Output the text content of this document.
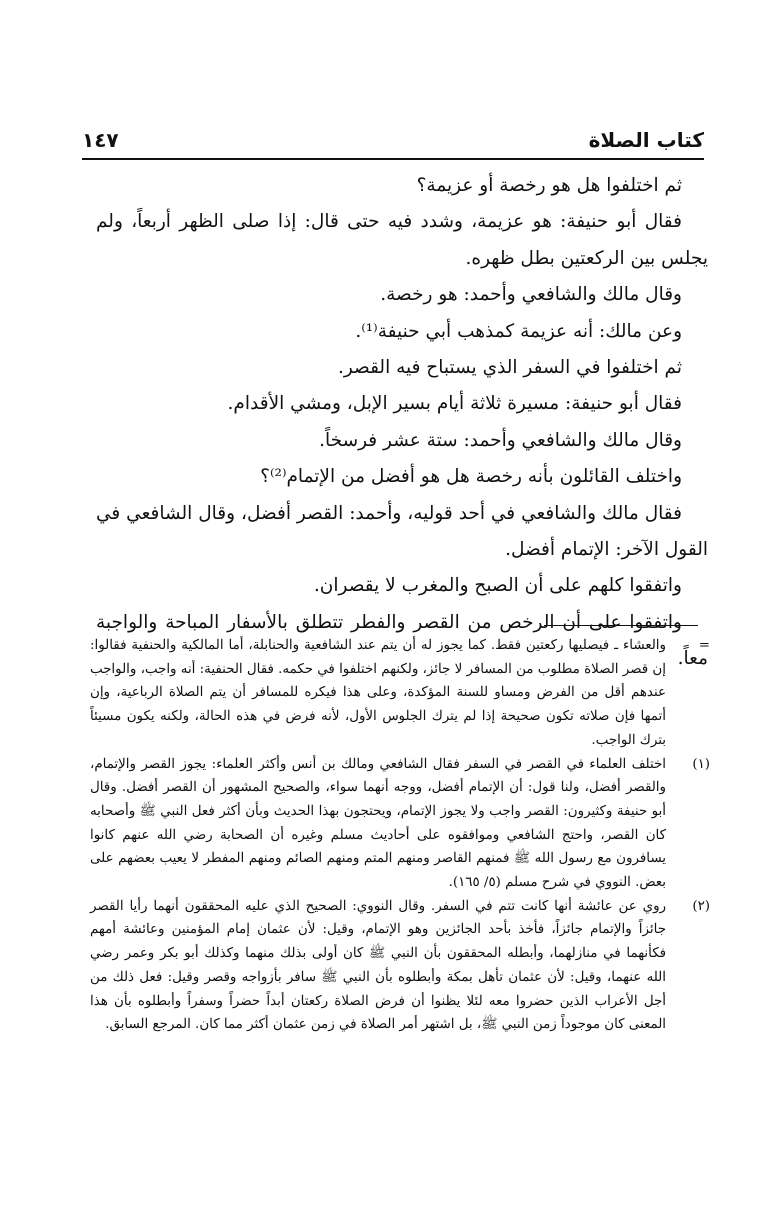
كتاب الصلاة
١٤٧

ثم اختلفوا هل هو رخصة أو عزيمة؟

فقال أبو حنيفة: هو عزيمة، وشدد فيه حتى قال: إذا صلى الظهر أربعاً، ولم يجلس بين الركعتين بطل ظهره.

وقال مالك والشافعي وأحمد: هو رخصة.

وعن مالك: أنه عزيمة كمذهب أبي حنيفة⁽¹⁾.

ثم اختلفوا في السفر الذي يستباح فيه القصر.

فقال أبو حنيفة: مسيرة ثلاثة أيام بسير الإبل، ومشي الأقدام.

وقال مالك والشافعي وأحمد: ستة عشر فرسخاً.

واختلف القائلون بأنه رخصة هل هو أفضل من الإتمام⁽²⁾؟

فقال مالك والشافعي في أحد قوليه، وأحمد: القصر أفضل، وقال الشافعي في القول الآخر: الإتمام أفضل.

واتفقوا كلهم على أن الصبح والمغرب لا يقصران.

واتفقوا على أن الرخص من القصر والفطر تتطلق بالأسفار المباحة والواجبة معاً.

=
والعشاء ـ فيصليها ركعتين فقط. كما يجوز له أن يتم عند الشافعية والحنابلة، أما المالكية والحنفية فقالوا: إن قصر الصلاة مطلوب من المسافر لا جائز، ولكنهم اختلفوا في حكمه. فقال الحنفية: أنه واجب، والواجب عندهم أقل من الفرض ومساو للسنة المؤكدة، وعلى هذا فيكره للمسافر أن يتم الصلاة الرباعية، وإن أتمها فإن صلاته تكون صحيحة إذا لم يترك الجلوس الأول، لأنه فرض في هذه الحالة، ولكنه يكون مسيئاً بترك الواجب.
(١)
اختلف العلماء في القصر في السفر فقال الشافعي ومالك بن أنس وأكثر العلماء: يجوز القصر والإتمام، والقصر أفضل، ولنا قول: أن الإتمام أفضل، ووجه أنهما سواء، والصحيح المشهور أن القصر أفضل. وقال أبو حنيفة وكثيرون: القصر واجب ولا يجوز الإتمام، ويحتجون بهذا الحديث وبأن أكثر فعل النبي ﷺ وأصحابه كان القصر، واحتج الشافعي وموافقوه على أحاديث مسلم وغيره أن الصحابة رضي الله عنهم كانوا يسافرون مع رسول الله ﷺ فمنهم القاصر ومنهم المتم ومنهم الصائم ومنهم المفطر لا يعيب بعضهم على بعض. النووي في شرح مسلم (٥/ ١٦٥).
(٢)
روي عن عائشة أنها كانت تتم في السفر. وقال النووي: الصحيح الذي عليه المحققون أنهما رأيا القصر جائزاً والإتمام جائزاً، فأخذ بأحد الجائزين وهو الإتمام، وقيل: لأن عثمان إمام المؤمنين وعائشة أمهم فكأنهما في منازلهما، وأبطله المحققون بأن النبي ﷺ كان أولى بذلك منهما وكذلك أبو بكر وعمر رضي الله عنهما، وقيل: لأن عثمان تأهل بمكة وأبطلوه بأن النبي ﷺ سافر بأزواجه وقصر وقيل: فعل ذلك من أجل الأعراب الذين حضروا معه لئلا يظنوا أن فرض الصلاة ركعتان أبداً حضراً وسفراً وأبطلوه بأن هذا المعنى كان موجوداً زمن النبي ﷺ، بل اشتهر أمر الصلاة في زمن عثمان أكثر مما كان. المرجع السابق.
